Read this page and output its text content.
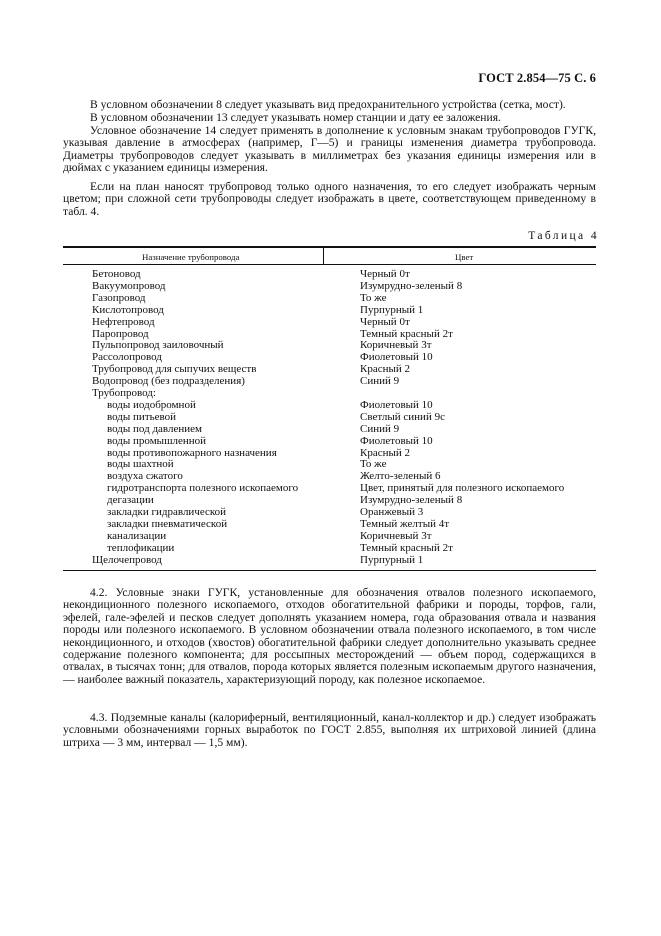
ГОСТ 2.854—75 С. 6
В условном обозначении 8 следует указывать вид предохранительного устройства (сетка, мост).
В условном обозначении 13 следует указывать номер станции и дату ее заложения.
Условное обозначение 14 следует применять в дополнение к условным знакам трубопроводов ГУГК, указывая давление в атмосферах (например, Г—5) и границы изменения диаметра трубопровода. Диаметры трубопроводов следует указывать в миллиметрах без указания единицы измерения или в дюймах с указанием единицы измерения.
Если на план наносят трубопровод только одного назначения, то его следует изображать черным цветом; при сложной сети трубопроводы следует изображать в цвете, соответствующем приведенному в табл. 4.
Таблица 4
Назначение трубопровода	Цвет
Бетоновод	Черный 0т
Вакуумопровод	Изумрудно-зеленый 8
Газопровод	То же
Кислотопровод	Пурпурный 1
Нефтепровод	Черный 0т
Паропровод	Темный красный 2т
Пульпопровод заиловочный	Коричневый 3т
Рассолопровод	Фиолетовый 10
Трубопровод для сыпучих веществ	Красный 2
Водопровод (без подразделения)	Синий 9
Трубопровод:
воды иодобромной	Фиолетовый 10
воды питьевой	Светлый синий 9с
воды под давлением	Синий 9
воды промышленной	Фиолетовый 10
воды противопожарного назначения	Красный 2
воды шахтной	То же
воздуха сжатого	Желто-зеленый 6
гидротранспорта полезного ископаемого	Цвет, принятый для полезного ископаемого
дегазации	Изумрудно-зеленый 8
закладки гидравлической	Оранжевый 3
закладки пневматической	Темный желтый 4т
канализации	Коричневый 3т
теплофикации	Темный красный 2т
Щелочепровод	Пурпурный 1
4.2. Условные знаки ГУГК, установленные для обозначения отвалов полезного ископаемого, некондиционного полезного ископаемого, отходов обогатительной фабрики и породы, торфов, гали, эфелей, гале-эфелей и песков следует дополнять указанием номера, года образования отвала и названия породы или полезного ископаемого. В условном обозначении отвала полезного ископаемого, в том числе некондиционного, и отходов (хвостов) обогатительной фабрики следует дополнительно указывать среднее содержание полезного компонента; для россыпных месторождений — объем пород, содержащихся в отвалах, в тысячах тонн; для отвалов, порода которых является полезным ископаемым другого назначения, — наиболее важный показатель, характеризующий породу, как полезное ископаемое.
4.3. Подземные каналы (калориферный, вентиляционный, канал-коллектор и др.) следует изображать условными обозначениями горных выработок по ГОСТ 2.855, выполняя их штриховой линией (длина штриха — 3 мм, интервал — 1,5 мм).
